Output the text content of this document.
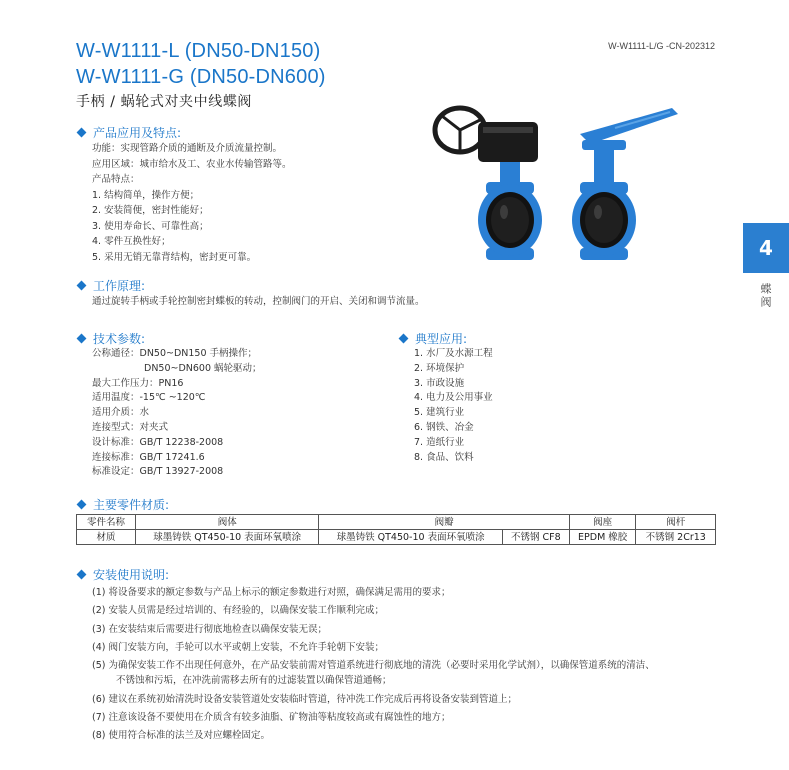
W-W1111-L (DN50-DN150)
W-W1111-G (DN50-DN600)
手柄 / 蜗轮式对夹中线蝶阀
W-W1111-L/G -CN-202312
4
蝶阀
产品应用及特点:
功能：实现管路介质的通断及介质流量控制。
应用区域：城市给水及工、农业水传输管路等。
产品特点：
1. 结构简单，操作方便；
2. 安装简便，密封性能好；
3. 使用寿命长、可靠性高；
4. 零件互换性好；
5. 采用无销无靠背结构，密封更可靠。
工作原理:
通过旋转手柄或手轮控制密封蝶板的转动，控制阀门的开启、关闭和调节流量。
技术参数:
公称通径：DN50~DN150 手柄操作；
DN50~DN600 蜗轮驱动；
最大工作压力：PN16
适用温度：-15℃ ~120℃
适用介质：水
连接型式：对夹式
设计标准：GB/T 12238-2008
连接标准：GB/T 17241.6
标准设定：GB/T 13927-2008
典型应用:
1. 水厂及水源工程
2. 环境保护
3. 市政设施
4. 电力及公用事业
5. 建筑行业
6. 钢铁、冶金
7. 造纸行业
8. 食品、饮料
主要零件材质:
零件名称	阀体	阀瓣		阀座	阀杆
材质	球墨铸铁 QT450-10 表面环氧喷涂	球墨铸铁 QT450-10 表面环氧喷涂	不锈钢 CF8	EPDM 橡胶	不锈钢 2Cr13
安装使用说明:
(1) 将设备要求的额定参数与产品上标示的额定参数进行对照，确保满足需用的要求；
(2) 安装人员需是经过培训的、有经验的，以确保安装工作顺利完成；
(3) 在安装结束后需要进行彻底地检查以确保安装无误；
(4) 阀门安装方向，手轮可以水平或朝上安装，不允许手轮朝下安装；
(5) 为确保安装工作不出现任何意外，在产品安装前需对管道系统进行彻底地的清洗（必要时采用化学试剂），以确保管道系统的清洁、
不锈蚀和污垢，在冲洗前需移去所有的过滤装置以确保管道通畅；
(6) 建议在系统初始清洗时设备安装管道处安装临时管道，待冲洗工作完成后再将设备安装到管道上；
(7) 注意该设备不要使用在介质含有较多油脂、矿物油等粘度较高或有腐蚀性的地方；
(8) 使用符合标准的法兰及对应螺栓固定。
